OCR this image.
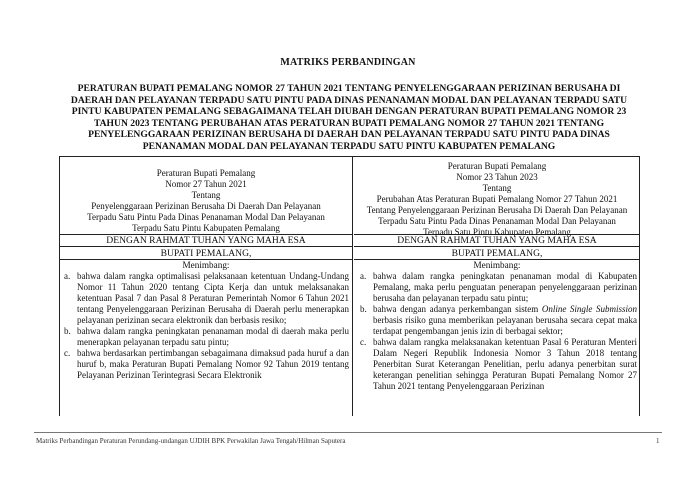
MATRIKS PERBANDINGAN
PERATURAN BUPATI PEMALANG NOMOR 27 TAHUN 2021 TENTANG PENYELENGGARAAN PERIZINAN BERUSAHA DI DAERAH DAN PELAYANAN TERPADU SATU PINTU PADA DINAS PENANAMAN MODAL DAN PELAYANAN TERPADU SATU PINTU KABUPATEN PEMALANG SEBAGAIMANA TELAH DIUBAH DENGAN PERATURAN BUPATI PEMALANG NOMOR 23 TAHUN 2023 TENTANG PERUBAHAN ATAS PERATURAN BUPATI PEMALANG NOMOR 27 TAHUN 2021 TENTANG PENYELENGGARAAN PERIZINAN BERUSAHA DI DAERAH DAN PELAYANAN TERPADU SATU PINTU PADA DINAS PENANAMAN MODAL DAN PELAYANAN TERPADU SATU PINTU KABUPATEN PEMALANG
Peraturan Bupati Pemalang
Nomor 27 Tahun 2021
Tentang
Penyelenggaraan Perizinan Berusaha Di Daerah Dan Pelayanan
Terpadu Satu Pintu Pada Dinas Penanaman Modal Dan Pelayanan
Terpadu Satu Pintu Kabupaten Pemalang
DENGAN RAHMAT TUHAN YANG MAHA ESA
BUPATI PEMALANG,
Menimbang:
a. bahwa dalam rangka optimalisasi pelaksanaan ketentuan Undang-Undang Nomor 11 Tahun 2020 tentang Cipta Kerja dan untuk melaksanakan ketentuan Pasal 7 dan Pasal 8 Peraturan Pemerintah Nomor 6 Tahun 2021 tentang Penyelenggaraan Perizinan Berusaha di Daerah perlu menerapkan pelayanan perizinan secara elektronik dan berbasis resiko;
b. bahwa dalam rangka peningkatan penanaman modal di daerah maka perlu menerapkan pelayanan terpadu satu pintu;
c. bahwa berdasarkan pertimbangan sebagaimana dimaksud pada huruf a dan huruf b, maka Peraturan Bupati Pemalang Nomor 92 Tahun 2019 tentang Pelayanan Perizinan Terintegrasi Secara Elektronik
Peraturan Bupati Pemalang
Nomor 23 Tahun 2023
Tentang
Perubahan Atas Peraturan Bupati Pemalang Nomor 27 Tahun 2021
Tentang Penyelenggaraan Perizinan Berusaha Di Daerah Dan Pelayanan
Terpadu Satu Pintu Pada Dinas Penanaman Modal Dan Pelayanan
Terpadu Satu Pintu Kabupaten Pemalang
DENGAN RAHMAT TUHAN YANG MAHA ESA
BUPATI PEMALANG,
Menimbang:
a. bahwa dalam rangka peningkatan penanaman modal di Kabupaten Pemalang, maka perlu penguatan penerapan penyelenggaraan perizinan berusaha dan pelayanan terpadu satu pintu;
b. bahwa dengan adanya perkembangan sistem Online Single Submission berbasis risiko guna memberikan pelayanan berusaha secara cepat maka terdapat pengembangan jenis izin di berbagai sektor;
c. bahwa dalam rangka melaksanakan ketentuan Pasal 6 Peraturan Menteri Dalam Negeri Republik Indonesia Nomor 3 Tahun 2018 tentang Penerbitan Surat Keterangan Penelitian, perlu adanya penerbitan surat keterangan penelitian sehingga Peraturan Bupati Pemalang Nomor 27 Tahun 2021 tentang Penyelenggaraan Perizinan
Matriks Perbandingan Peraturan Perundang-undangan UJDIH BPK Perwakilan Jawa Tengah/Hilman Saputera	1
